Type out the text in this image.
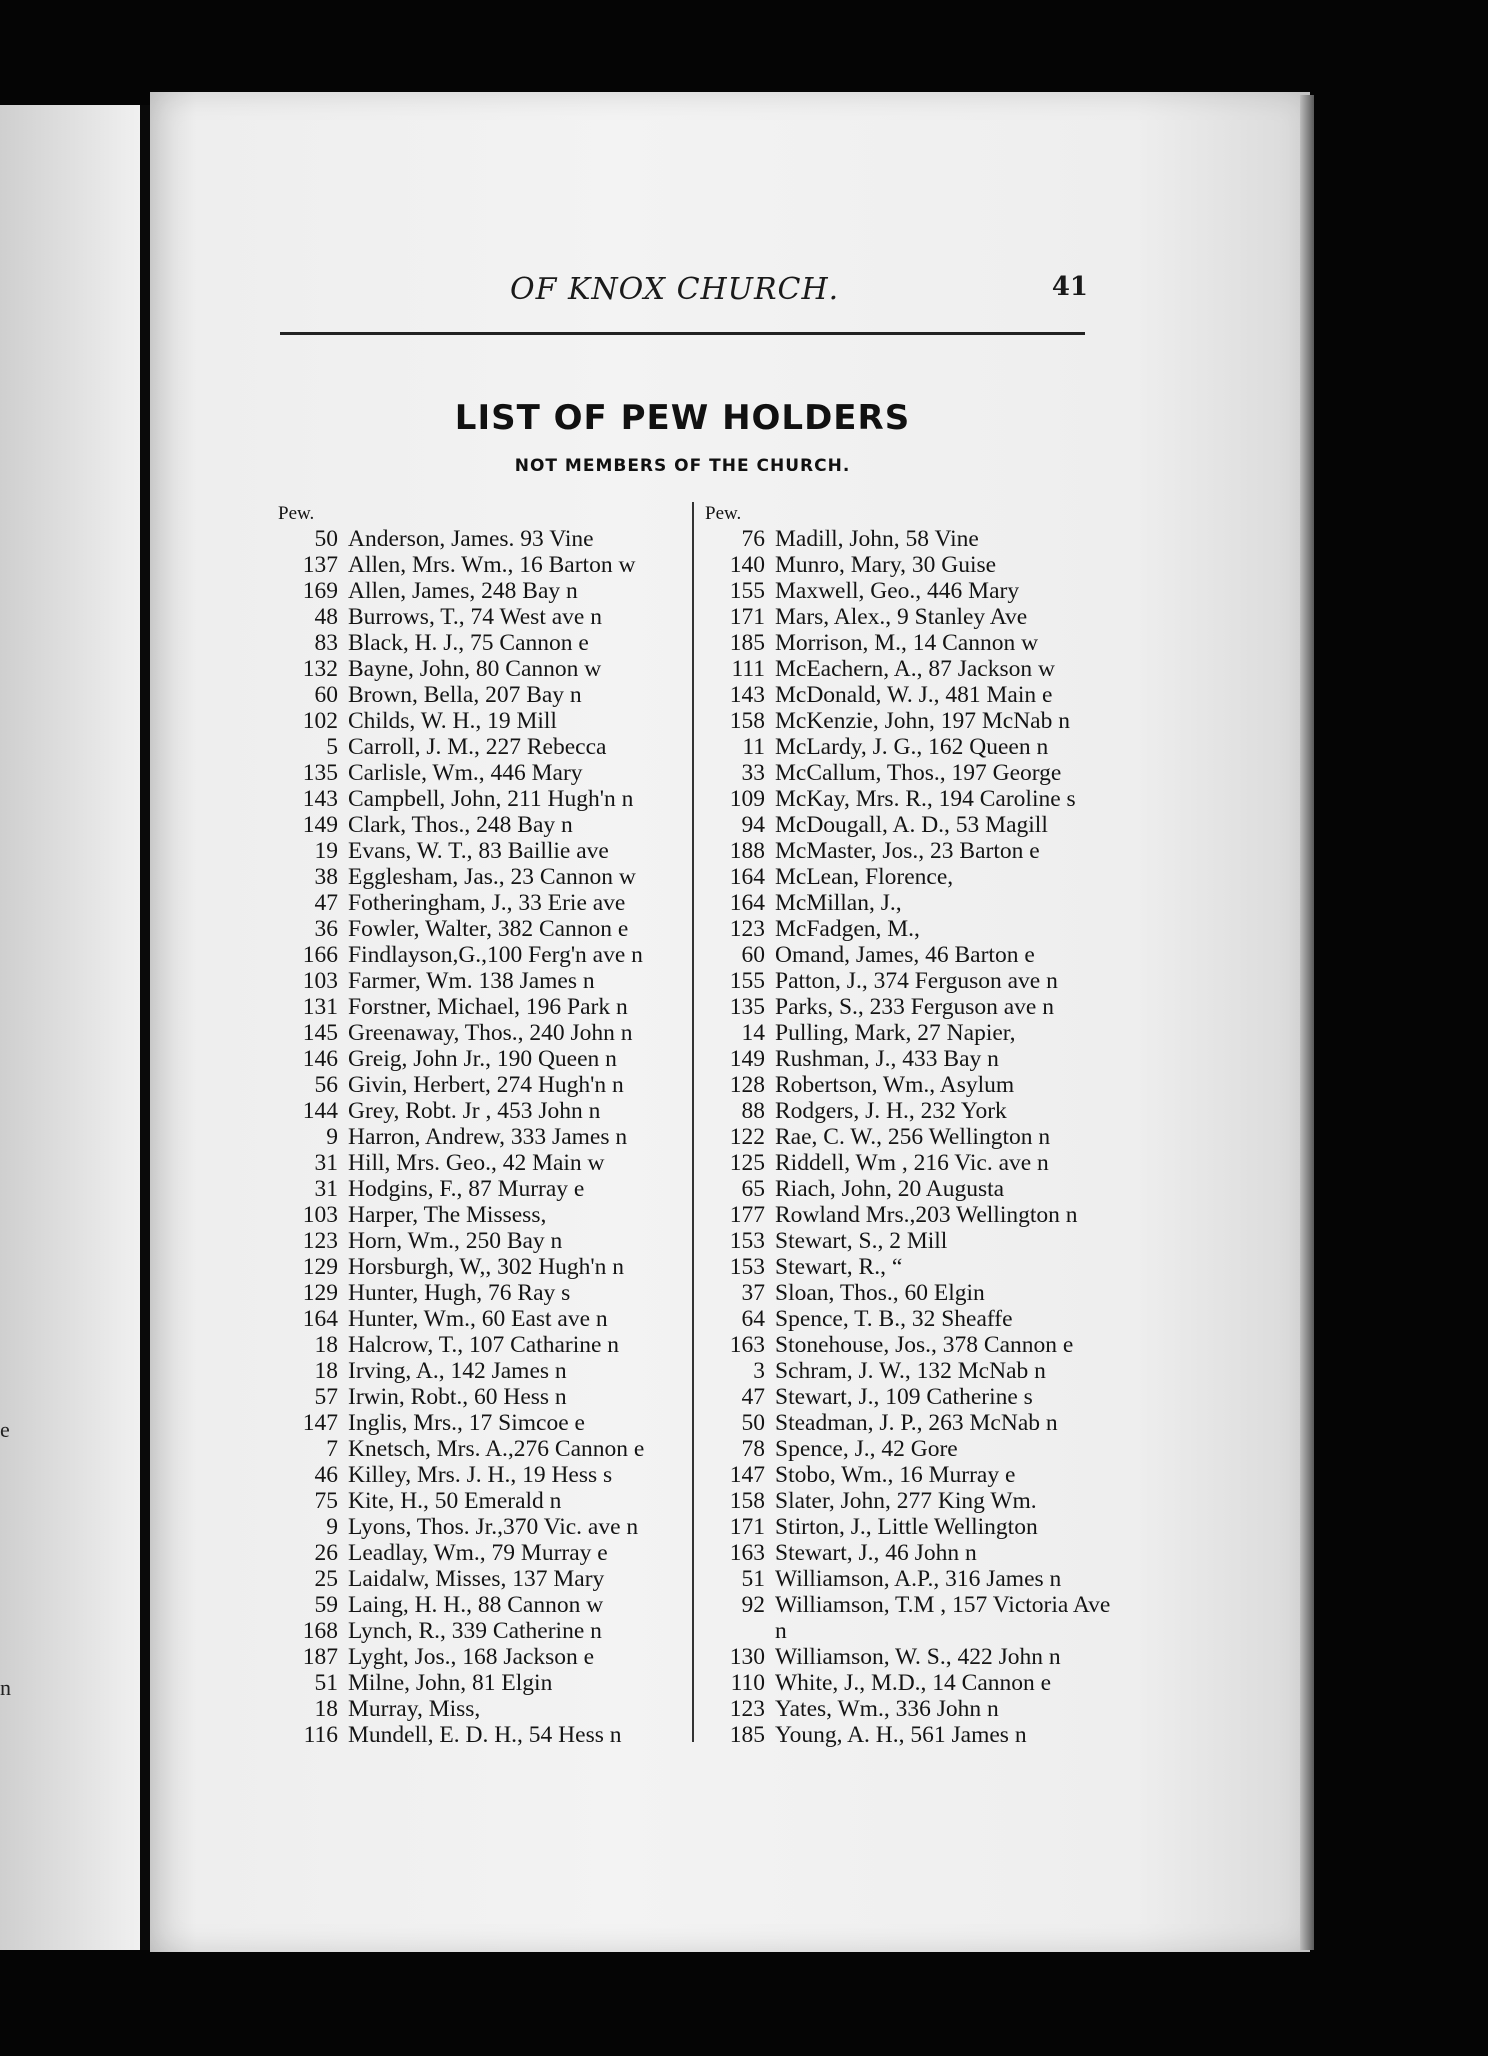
e
n
OF KNOX CHURCH.	41
LIST OF PEW HOLDERS
NOT MEMBERS OF THE CHURCH.
Pew.
50 Anderson, James. 93 Vine
137 Allen, Mrs. Wm., 16 Barton w
169 Allen, James, 248 Bay n
48 Burrows, T., 74 West ave n
83 Black, H. J., 75 Cannon e
132 Bayne, John, 80 Cannon w
60 Brown, Bella, 207 Bay n
102 Childs, W. H., 19 Mill
5 Carroll, J. M., 227 Rebecca
135 Carlisle, Wm., 446 Mary
143 Campbell, John, 211 Hugh'n n
149 Clark, Thos., 248 Bay n
19 Evans, W. T., 83 Baillie ave
38 Egglesham, Jas., 23 Cannon w
47 Fotheringham, J., 33 Erie ave
36 Fowler, Walter, 382 Cannon e
166 Findlayson,G.,100 Ferg'n ave n
103 Farmer, Wm. 138 James n
131 Forstner, Michael, 196 Park n
145 Greenaway, Thos., 240 John n
146 Greig, John Jr., 190 Queen n
56 Givin, Herbert, 274 Hugh'n n
144 Grey, Robt. Jr , 453 John n
9 Harron, Andrew, 333 James n
31 Hill, Mrs. Geo., 42 Main w
31 Hodgins, F., 87 Murray e
103 Harper, The Missess,
123 Horn, Wm., 250 Bay n
129 Horsburgh, W,, 302 Hugh'n n
129 Hunter, Hugh, 76 Ray s
164 Hunter, Wm., 60 East ave n
18 Halcrow, T., 107 Catharine n
18 Irving, A., 142 James n
57 Irwin, Robt., 60 Hess n
147 Inglis, Mrs., 17 Simcoe e
7 Knetsch, Mrs. A.,276 Cannon e
46 Killey, Mrs. J. H., 19 Hess s
75 Kite, H., 50 Emerald n
9 Lyons, Thos. Jr.,370 Vic. ave n
26 Leadlay, Wm., 79 Murray e
25 Laidalw, Misses, 137 Mary
59 Laing, H. H., 88 Cannon w
168 Lynch, R., 339 Catherine n
187 Lyght, Jos., 168 Jackson e
51 Milne, John, 81 Elgin
18 Murray, Miss,
116 Mundell, E. D. H., 54 Hess n
Pew.
76 Madill, John, 58 Vine
140 Munro, Mary, 30 Guise
155 Maxwell, Geo., 446 Mary
171 Mars, Alex., 9 Stanley Ave
185 Morrison, M., 14 Cannon w
111 McEachern, A., 87 Jackson w
143 McDonald, W. J., 481 Main e
158 McKenzie, John, 197 McNab n
11 McLardy, J. G., 162 Queen n
33 McCallum, Thos., 197 George
109 McKay, Mrs. R., 194 Caroline s
94 McDougall, A. D., 53 Magill
188 McMaster, Jos., 23 Barton e
164 McLean, Florence,
164 McMillan, J.,
123 McFadgen, M.,
60 Omand, James, 46 Barton e
155 Patton, J., 374 Ferguson ave n
135 Parks, S., 233 Ferguson ave n
14 Pulling, Mark, 27 Napier,
149 Rushman, J., 433 Bay n
128 Robertson, Wm., Asylum
88 Rodgers, J. H., 232 York
122 Rae, C. W., 256 Wellington n
125 Riddell, Wm , 216 Vic. ave n
65 Riach, John, 20 Augusta
177 Rowland Mrs.,203 Wellington n
153 Stewart, S., 2 Mill
153 Stewart, R., “
37 Sloan, Thos., 60 Elgin
64 Spence, T. B., 32 Sheaffe
163 Stonehouse, Jos., 378 Cannon e
3 Schram, J. W., 132 McNab n
47 Stewart, J., 109 Catherine s
50 Steadman, J. P., 263 McNab n
78 Spence, J., 42 Gore
147 Stobo, Wm., 16 Murray e
158 Slater, John, 277 King Wm.
171 Stirton, J., Little Wellington
163 Stewart, J., 46 John n
51 Williamson, A.P., 316 James n
92 Williamson, T.M , 157 Victoria Ave n
130 Williamson, W. S., 422 John n
110 White, J., M.D., 14 Cannon e
123 Yates, Wm., 336 John n
185 Young, A. H., 561 James n
